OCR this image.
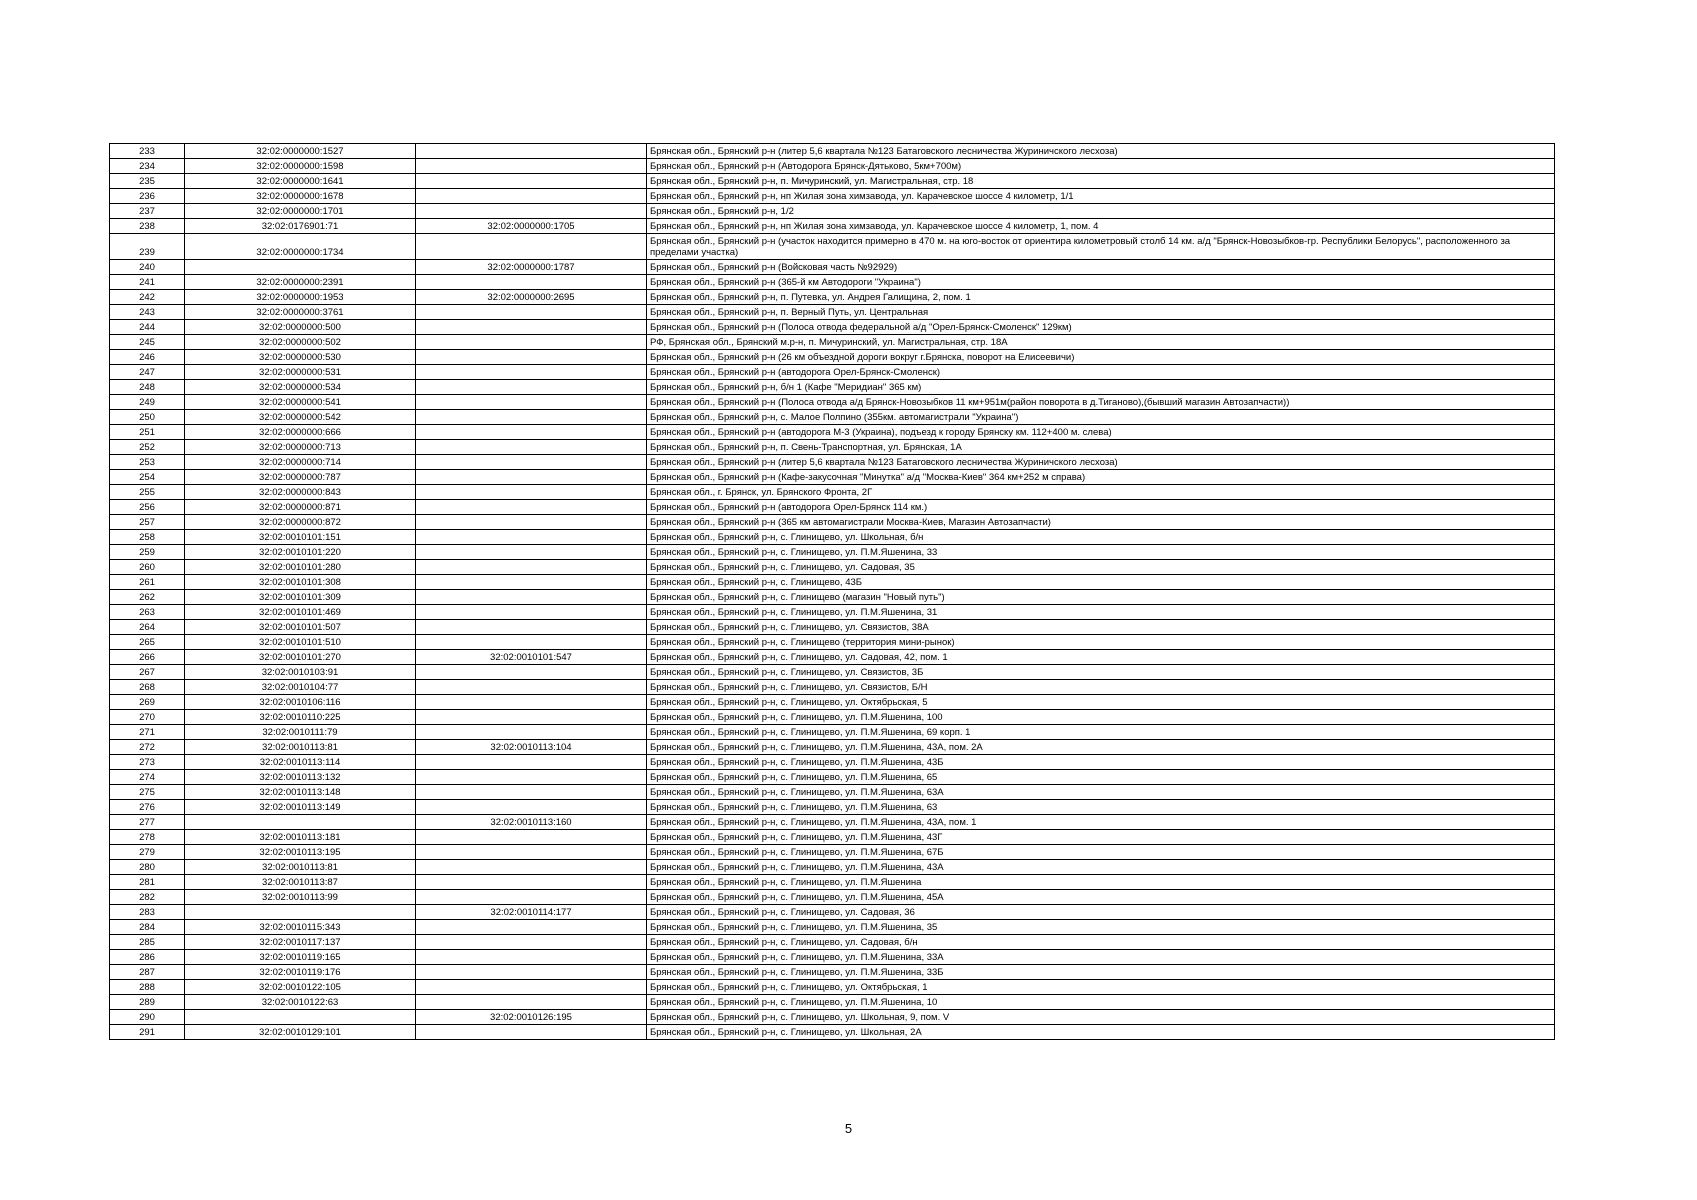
233	32:02:0000000:1527		Брянская обл., Брянский р-н (литер 5,6 квартала №123 Батаговского лесничества Журиничского лесхоза)
234	32:02:0000000:1598		Брянская обл., Брянский р-н (Автодорога Брянск-Дятьково, 5км+700м)
235	32:02:0000000:1641		Брянская обл., Брянский р-н, п. Мичуринский, ул. Магистральная, стр. 18
236	32:02:0000000:1678		Брянская обл., Брянский р-н, нп Жилая зона химзавода, ул. Карачевское шоссе 4 километр, 1/1
237	32:02:0000000:1701		Брянская обл., Брянский р-н, 1/2
238	32:02:0176901:71	32:02:0000000:1705	Брянская обл., Брянский р-н, нп Жилая зона химзавода, ул. Карачевское шоссе 4 километр, 1, пом. 4
239	32:02:0000000:1734		Брянская обл., Брянский р-н (участок находится примерно в 470 м. на юго-восток от ориентира километровый столб 14 км. а/д "Брянск-Новозыбков-гр. Республики Белорусь", расположенного за пределами участка)
240		32:02:0000000:1787	Брянская обл., Брянский р-н (Войсковая часть №92929)
241	32:02:0000000:2391		Брянская обл., Брянский р-н (365-й км Автодороги "Украина")
242	32:02:0000000:1953	32:02:0000000:2695	Брянская обл., Брянский р-н, п. Путевка, ул. Андрея Галищина, 2, пом. 1
243	32:02:0000000:3761		Брянская обл., Брянский р-н, п. Верный Путь, ул. Центральная
244	32:02:0000000:500		Брянская обл., Брянский р-н (Полоса отвода федеральной а/д "Орел-Брянск-Смоленск" 129км)
245	32:02:0000000:502		РФ, Брянская обл., Брянский м.р-н, п. Мичуринский, ул. Магистральная, стр. 18А
246	32:02:0000000:530		Брянская обл., Брянский р-н (26 км объездной дороги вокруг г.Брянска, поворот на Елисеевичи)
247	32:02:0000000:531		Брянская обл., Брянский р-н (автодорога Орел-Брянск-Смоленск)
248	32:02:0000000:534		Брянская обл., Брянский р-н, б/н 1 (Кафе "Меридиан" 365 км)
249	32:02:0000000:541		Брянская обл., Брянский р-н (Полоса отвода а/д Брянск-Новозыбков 11 км+951м(район поворота в д.Тиганово),(бывший магазин Автозапчасти))
250	32:02:0000000:542		Брянская обл., Брянский р-н, с. Малое Полпино (355км. автомагистрали "Украина")
251	32:02:0000000:666		Брянская обл., Брянский р-н (автодорога М-3 (Украина), подъезд к городу Брянску км. 112+400 м. слева)
252	32:02:0000000:713		Брянская обл., Брянский р-н, п. Свень-Транспортная, ул. Брянская, 1А
253	32:02:0000000:714		Брянская обл., Брянский р-н (литер 5,6 квартала №123 Батаговского лесничества Журиничского лесхоза)
254	32:02:0000000:787		Брянская обл., Брянский р-н (Кафе-закусочная "Минутка" а/д "Москва-Киев" 364 км+252 м справа)
255	32:02:0000000:843		Брянская обл., г. Брянск, ул. Брянского Фронта, 2Г
256	32:02:0000000:871		Брянская обл., Брянский р-н (автодорога Орел-Брянск 114 км.)
257	32:02:0000000:872		Брянская обл., Брянский р-н (365 км автомагистрали Москва-Киев, Магазин Автозапчасти)
258	32:02:0010101:151		Брянская обл., Брянский р-н, с. Глинищево, ул. Школьная, б/н
259	32:02:0010101:220		Брянская обл., Брянский р-н, с. Глинищево, ул. П.М.Яшенина, 33
260	32:02:0010101:280		Брянская обл., Брянский р-н, с. Глинищево, ул. Садовая, 35
261	32:02:0010101:308		Брянская обл., Брянский р-н, с. Глинищево, 43Б
262	32:02:0010101:309		Брянская обл., Брянский р-н, с. Глинищево (магазин "Новый путь")
263	32:02:0010101:469		Брянская обл., Брянский р-н, с. Глинищево, ул. П.М.Яшенина, 31
264	32:02:0010101:507		Брянская обл., Брянский р-н, с. Глинищево, ул. Связистов, 38А
265	32:02:0010101:510		Брянская обл., Брянский р-н, с. Глинищево (территория мини-рынок)
266	32:02:0010101:270	32:02:0010101:547	Брянская обл., Брянский р-н, с. Глинищево, ул. Садовая, 42, пом. 1
267	32:02:0010103:91		Брянская обл., Брянский р-н, с. Глинищево, ул. Связистов, 3Б
268	32:02:0010104:77		Брянская обл., Брянский р-н, с. Глинищево, ул. Связистов, Б/Н
269	32:02:0010106:116		Брянская обл., Брянский р-н, с. Глинищево, ул. Октябрьская, 5
270	32:02:0010110:225		Брянская обл., Брянский р-н, с. Глинищево, ул. П.М.Яшенина, 100
271	32:02:0010111:79		Брянская обл., Брянский р-н, с. Глинищево, ул. П.М.Яшенина, 69 корп. 1
272	32:02:0010113:81	32:02:0010113:104	Брянская обл., Брянский р-н, с. Глинищево, ул. П.М.Яшенина, 43А, пом. 2А
273	32:02:0010113:114		Брянская обл., Брянский р-н, с. Глинищево, ул. П.М.Яшенина, 43Б
274	32:02:0010113:132		Брянская обл., Брянский р-н, с. Глинищево, ул. П.М.Яшенина, 65
275	32:02:0010113:148		Брянская обл., Брянский р-н, с. Глинищево, ул. П.М.Яшенина, 63А
276	32:02:0010113:149		Брянская обл., Брянский р-н, с. Глинищево, ул. П.М.Яшенина, 63
277		32:02:0010113:160	Брянская обл., Брянский р-н, с. Глинищево, ул. П.М.Яшенина, 43А, пом. 1
278	32:02:0010113:181		Брянская обл., Брянский р-н, с. Глинищево, ул. П.М.Яшенина, 43Г
279	32:02:0010113:195		Брянская обл., Брянский р-н, с. Глинищево, ул. П.М.Яшенина, 67Б
280	32:02:0010113:81		Брянская обл., Брянский р-н, с. Глинищево, ул. П.М.Яшенина, 43А
281	32:02:0010113:87		Брянская обл., Брянский р-н, с. Глинищево, ул. П.М.Яшенина
282	32:02:0010113:99		Брянская обл., Брянский р-н, с. Глинищево, ул. П.М.Яшенина, 45А
283		32:02:0010114:177	Брянская обл., Брянский р-н, с. Глинищево, ул. Садовая, 36
284	32:02:0010115:343		Брянская обл., Брянский р-н, с. Глинищево, ул. П.М.Яшенина, 35
285	32:02:0010117:137		Брянская обл., Брянский р-н, с. Глинищево, ул. Садовая, б/н
286	32:02:0010119:165		Брянская обл., Брянский р-н, с. Глинищево, ул. П.М.Яшенина, 33А
287	32:02:0010119:176		Брянская обл., Брянский р-н, с. Глинищево, ул. П.М.Яшенина, 33Б
288	32:02:0010122:105		Брянская обл., Брянский р-н, с. Глинищево, ул. Октябрьская, 1
289	32:02:0010122:63		Брянская обл., Брянский р-н, с. Глинищево, ул. П.М.Яшенина, 10
290		32:02:0010126:195	Брянская обл., Брянский р-н, с. Глинищево, ул. Школьная, 9, пом. V
291	32:02:0010129:101		Брянская обл., Брянский р-н, с. Глинищево, ул. Школьная, 2А
5
